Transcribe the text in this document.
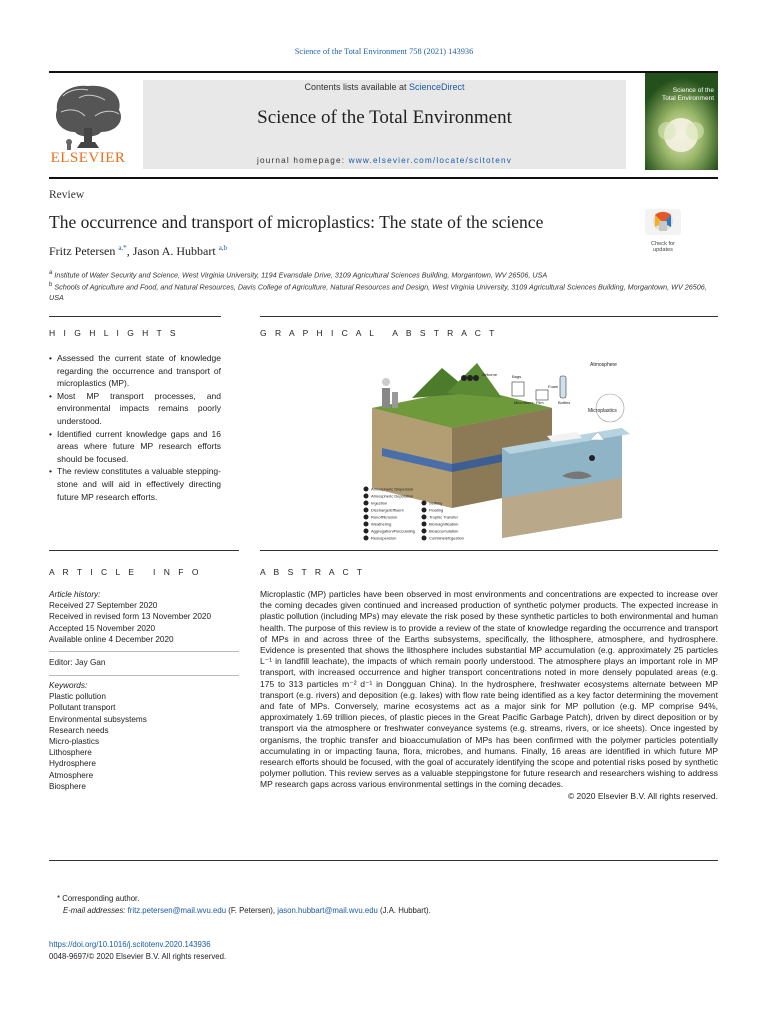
Science of the Total Environment 758 (2021) 143936
ELSEVIER
Contents lists available at ScienceDirect
Science of the Total Environment
journal homepage: www.elsevier.com/locate/scitotenv
Science of the
Total Environment
Review
The occurrence and transport of microplastics: The state of the science
Check for updates
Fritz Petersen $^{a,*}$, Jason A. Hubbart $^{a,b}$
$^a$ Institute of Water Security and Science, West Virginia University, 1194 Evansdale Drive, 3109 Agricultural Sciences Building, Morgantown, WV 26506, USA
$^b$ Schools of Agriculture and Food, and Natural Resources, Davis College of Agriculture, Natural Resources and Design, West Virginia University, 3109 Agricultural Sciences Building, Morgantown, WV 26506, USA
H I G H L I G H T S	G R A P H I C A L   A B S T R A C T
• Assessed the current state of knowledge regarding the occurrence and transport of microplastics (MP).
• Most MP transport processes, and environmental impacts remains poorly understood.
• Identified current knowledge gaps and 16 areas where future MP research efforts should be focused.
• The review constitutes a valuable stepping-stone and will aid in effectively directing future MP research efforts.
Atmosphere
Microplastics
Microfibers
Airborne	Bags
Film
Foam
Bottles
Atmospheric Dispersion
Atmospheric Deposition
Ingestion
Discharge/Effluent
Runoff/Erosion
Weathering
Aggregation/Flocculating
Resuspension
Settling
Floating
Trophic Transfer
Biomagnification
Bioaccumulation
Combined/Egestion
A R T I C L E   I N F O	A B S T R A C T
Article history:
Received 27 September 2020
Received in revised form 13 November 2020
Accepted 15 November 2020
Available online 4 December 2020
Editor: Jay Gan
Keywords:
Plastic pollution
Pollutant transport
Environmental subsystems
Research needs
Micro-plastics
Lithosphere
Hydrosphere
Atmosphere
Biosphere
Microplastic (MP) particles have been observed in most environments and concentrations are expected to increase over the coming decades given continued and increased production of synthetic polymer products. The expected increase in plastic pollution (including MPs) may elevate the risk posed by these synthetic particles to both environmental and human health. The purpose of this review is to provide a review of the state of knowledge regarding the occurrence and transport of MPs in and across three of the Earths subsystems, specifically, the lithosphere, atmosphere, and hydrosphere. Evidence is presented that shows the lithosphere includes substantial MP accumulation (e.g. approximately 25 particles L⁻¹ in landfill leachate), the impacts of which remain poorly understood. The atmosphere plays an important role in MP transport, with increased occurrence and higher transport concentrations noted in more densely populated areas (e.g. 175 to 313 particles m⁻² d⁻¹ in Dongguan China). In the hydrosphere, freshwater ecosystems alternate between MP transport (e.g. rivers) and deposition (e.g. lakes) with flow rate being identified as a key factor determining the movement and fate of MPs. Conversely, marine ecosystems act as a major sink for MP pollution (e.g. MP comprise 94%, approximately 1.69 trillion pieces, of plastic pieces in the Great Pacific Garbage Patch), driven by direct deposition or by transport via the atmosphere or freshwater conveyance systems (e.g. streams, rivers, or ice sheets). Once ingested by organisms, the trophic transfer and bioaccumulation of MPs has been confirmed with the polymer particles potentially accumulating in or impacting fauna, flora, microbes, and humans. Finally, 16 areas are identified in which future MP research efforts should be focused, with the goal of accurately identifying the scope and potential risks posed by synthetic polymer pollution. This review serves as a valuable steppingstone for future research and researchers wishing to address MP research gaps across various environmental settings in the coming decades.
© 2020 Elsevier B.V. All rights reserved.
* Corresponding author.
E-mail addresses: fritz.petersen@mail.wvu.edu (F. Petersen), jason.hubbart@mail.wvu.edu (J.A. Hubbart).
https://doi.org/10.1016/j.scitotenv.2020.143936
0048-9697/© 2020 Elsevier B.V. All rights reserved.
